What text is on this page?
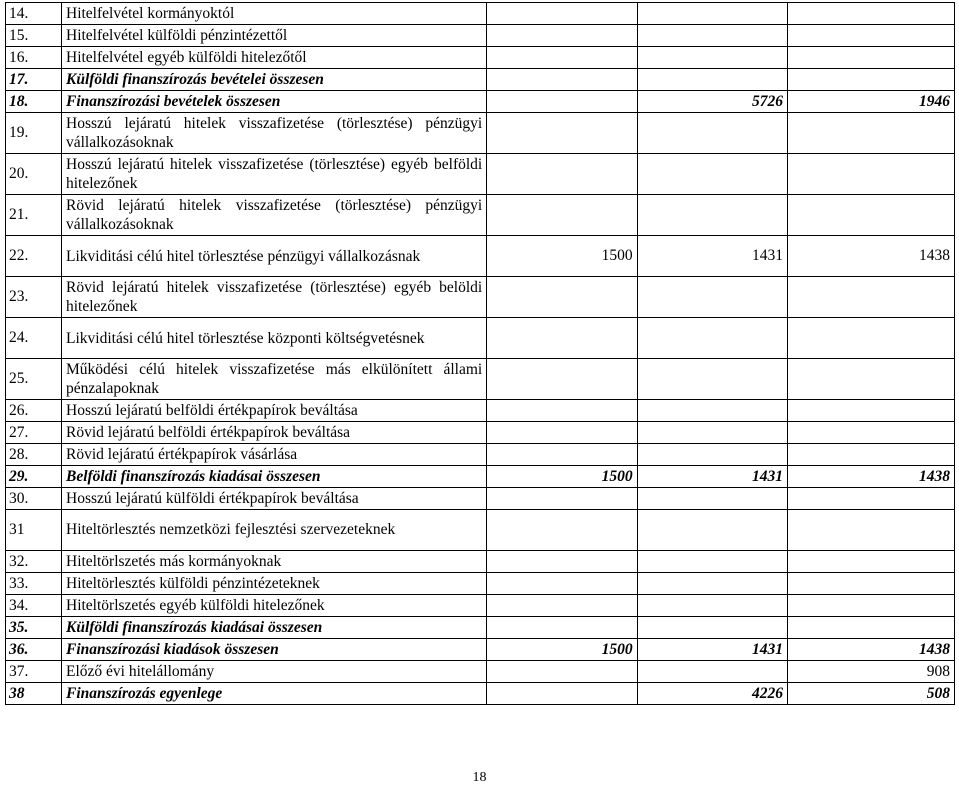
14.	Hitelfelvétel kormányoktól			
15.	Hitelfelvétel külföldi pénzintézettől			
16.	Hitelfelvétel egyéb külföldi hitelezőtől			
17.	Külföldi finanszírozás bevételei összesen			
18.	Finanszírozási bevételek összesen		5726	1946
19.	Hosszú lejáratú hitelek visszafizetése (törlesztése) pénzügyi vállalkozásoknak			
20.	Hosszú lejáratú hitelek visszafizetése (törlesztése) egyéb belföldi hitelezőnek			
21.	Rövid lejáratú hitelek visszafizetése (törlesztése) pénzügyi vállalkozásoknak			
22.	Likviditási célú hitel törlesztése pénzügyi vállalkozásnak	1500	1431	1438
23.	Rövid lejáratú hitelek visszafizetése (törlesztése) egyéb belöldi hitelezőnek			
24.	Likviditási célú hitel törlesztése központi költségvetésnek			
25.	Működési célú hitelek visszafizetése más elkülönített állami pénzalapoknak			
26.	Hosszú lejáratú belföldi értékpapírok beváltása			
27.	Rövid lejáratú belföldi értékpapírok beváltása			
28.	Rövid lejáratú értékpapírok vásárlása			
29.	Belföldi finanszírozás kiadásai összesen	1500	1431	1438
30.	Hosszú lejáratú külföldi értékpapírok beváltása			
31	Hiteltörlesztés nemzetközi fejlesztési szervezeteknek			
32.	Hiteltörlszetés más kormányoknak			
33.	Hiteltörlesztés külföldi pénzintézeteknek			
34.	Hiteltörlszetés egyéb külföldi hitelezőnek			
35.	Külföldi finanszírozás kiadásai összesen			
36.	Finanszírozási kiadások összesen	1500	1431	1438
37.	Előző évi hitelállomány			908
38	Finanszírozás egyenlege		4226	508
18
